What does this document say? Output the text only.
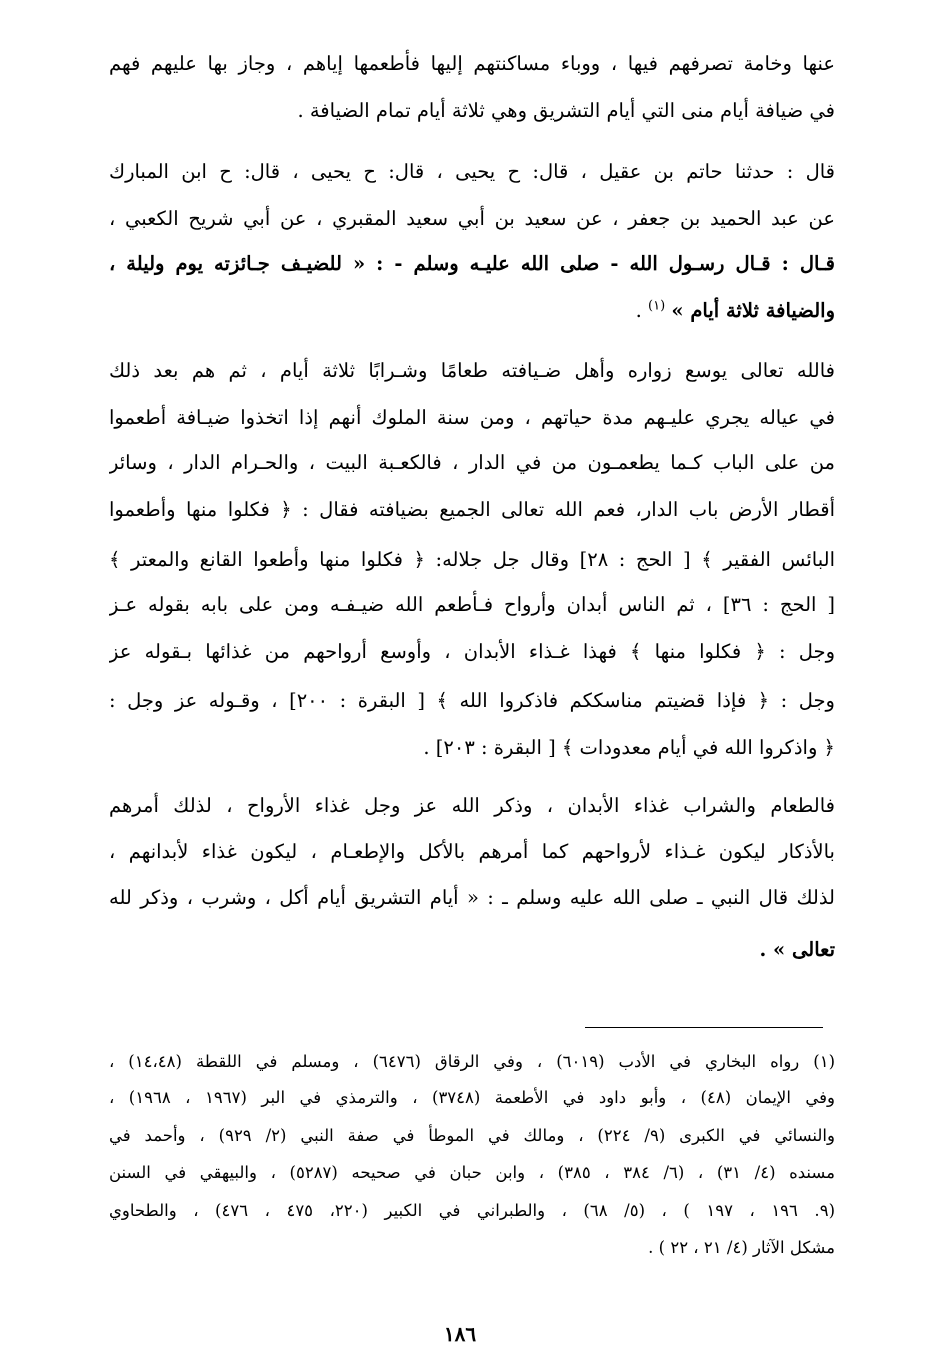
عنها وخامة تصرفهم فيها ، ووباء مساكنتهم إليها فأطعمها إياهم ، وجاز بها عليهم فهم
في ضيافة أيام منى التي أيام التشريق وهي ثلاثة أيام تمام الضيافة .
قال : حدثنا حاتم بن عقيل ، قال: ح يحيى ، قال: ح يحيى ، قال: ح ابن المبارك
عن عبد الحميد بن جعفر ، عن سعيد بن أبي سعيد المقبري ، عن أبي شريح الكعبي ،
قـال : قـال رسـول الله - صلى الله عليـه وسلم - : « للضيـف جـائزته يوم وليلة ،
والضيافة ثلاثة أيام » $^{(١)}$ .
فالله تعالى يوسع زواره وأهل ضـيافته طعامًا وشـرابًا ثلاثة أيام ، ثم هم بعد ذلك
في عياله يجري عليـهم مدة حياتهم ، ومن سنة الملوك أنهم إذا اتخذوا ضيـافة أطعموا
من على الباب كـما يطعمـون من في الدار ، فالكعـبة البيت ، والحـرام الدار ، وسائر
أقطار الأرض باب الدار، فعم الله تعالى الجميع بضيافته فقال : ﴿ فكلوا منها وأطعموا
البائس الفقير ﴾ [ الحج : ٢٨] وقال جل جلاله: ﴿ فكلوا منها وأطعوا القانع والمعتر ﴾
[ الحج : ٣٦] ، ثم الناس أبدان وأرواح فـأطعم الله ضيـفـه ومن على بابه بقوله عـز
وجل : ﴿ فكلوا منها ﴾ فهذا غـذاء الأبدان ، وأوسع أرواحهم من غذائها بـقوله عز
وجل : ﴿ فإذا قضيتم مناسككم فاذكروا الله ﴾ [ البقرة : ٢٠٠] ، وقـوله عز وجل :
﴿ واذكروا الله في أيام معدودات ﴾ [ البقرة : ٢٠٣] .
فالطعام والشراب غذاء الأبدان ، وذكر الله عز وجل غذاء الأرواح ، لذلك أمرهم
بالأذكار ليكون غـذاء لأرواحهم كما أمرهم بالأكل والإطعـام ، ليكون غذاء لأبدانهم ،
لذلك قال النبي ـ صلى الله عليه وسلم ـ : « أيام التشريق أيام أكل ، وشرب ، وذكر لله
تعالى » .
(١) رواه البخاري في الأدب (٦٠١٩) ، وفي الرقاق (٦٤٧٦) ، ومسلم في اللقطة (١٤،٤٨) ،
وفي الإيمان (٤٨) ، وأبو داود في الأطعمة (٣٧٤٨) ، والترمذي في البر (١٩٦٧ ، ١٩٦٨) ،
والنسائي في الكبرى (٩/ ٢٢٤) ، ومالك في الموطأ في صفة النبي (٢/ ٩٢٩) ، وأحمد في
مسنده (٤/ ٣١) ، (٦/ ٣٨٤ ، ٣٨٥) ، وابن حبان في صحيحه (٥٢٨٧) ، والبيهقي في السنن
(٩. ١٩٦ ، ١٩٧ ) ، (٥/ ٦٨) ، والطبراني في الكبير (٢٢٠، ٤٧٥ ، ٤٧٦) ، والطحاوي
مشكل الآثار (٤/ ٢١ ، ٢٢ ) .
١٨٦
